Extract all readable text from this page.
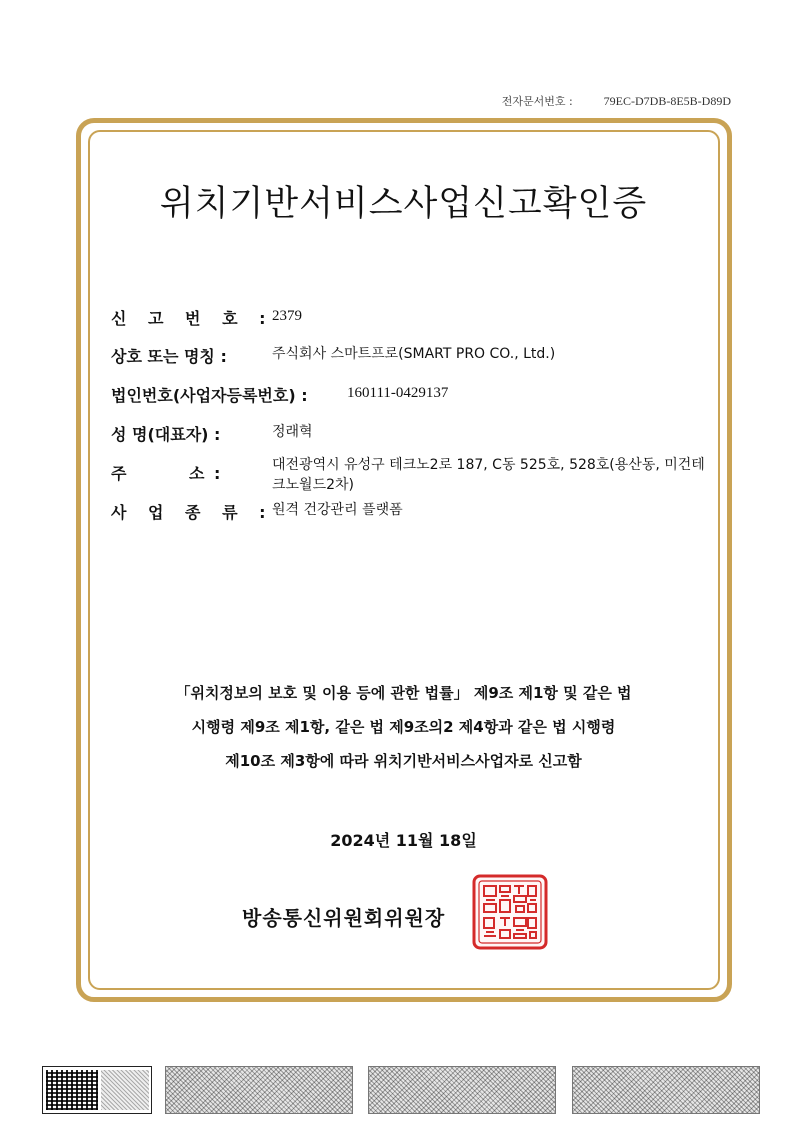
전자문서번호 :	79EC-D7DB-8E5B-D89D
위치기반서비스사업신고확인증
신 고 번 호 :
2379
상호 또는 명칭 :	주식회사 스마트프로(SMART PRO CO., Ltd.)
법인번호(사업자등록번호) :	160111-0429137
성 명(대표자) :	정래혁
주        소 :	대전광역시 유성구 테크노2로 187, C동 525호, 528호(용산동, 미건테크노월드2차)
사 업 종 류 :
원격 건강관리 플랫폼
「위치정보의 보호 및 이용 등에 관한 법률」 제9조 제1항 및 같은 법
시행령 제9조 제1항, 같은 법 제9조의2 제4항과 같은 법 시행령
제10조 제3항에 따라 위치기반서비스사업자로 신고함
2024년 11월 18일
방송통신위원회위원장
